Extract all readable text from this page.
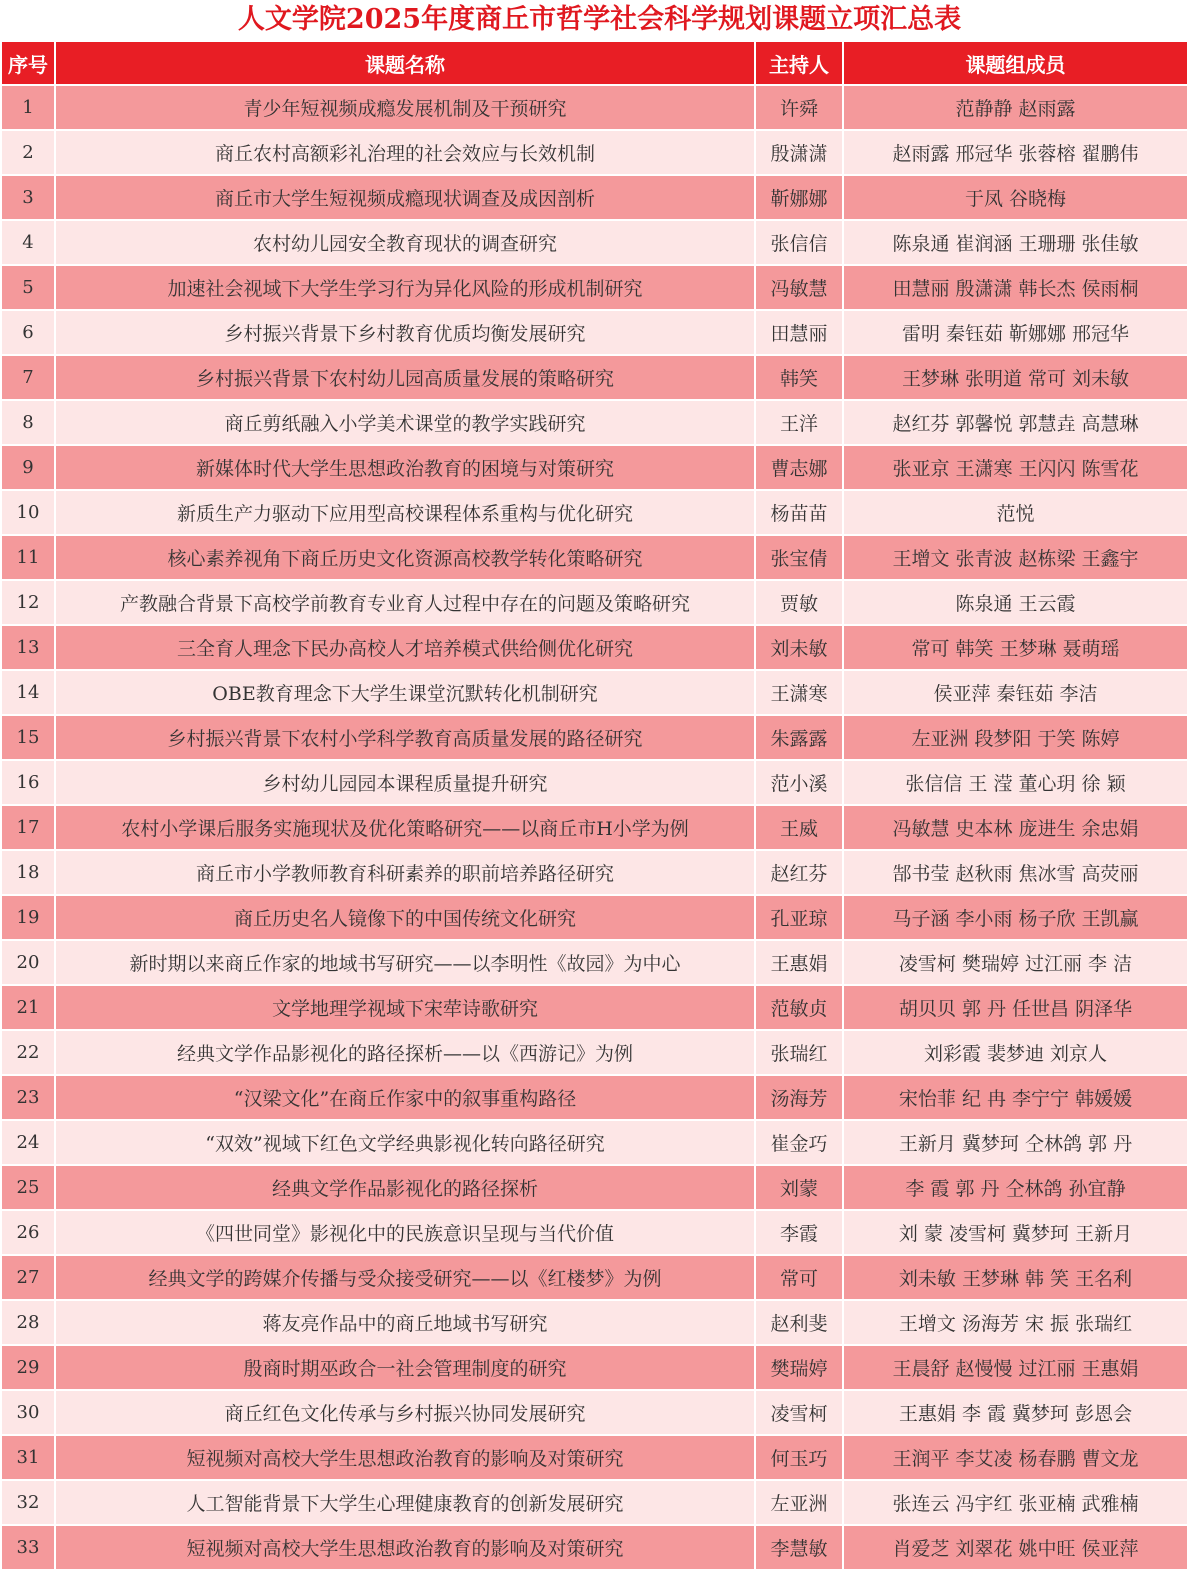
人文学院2025年度商丘市哲学社会科学规划课题立项汇总表
序号	课题名称	主持人	课题组成员
1	青少年短视频成瘾发展机制及干预研究	许舜	范静静 赵雨露
2	商丘农村高额彩礼治理的社会效应与长效机制	殷潇潇	赵雨露 邢冠华 张蓉榕 翟鹏伟
3	商丘市大学生短视频成瘾现状调查及成因剖析	靳娜娜	于凤 谷晓梅
4	农村幼儿园安全教育现状的调查研究	张信信	陈泉通 崔润涵 王珊珊 张佳敏
5	加速社会视域下大学生学习行为异化风险的形成机制研究	冯敏慧	田慧丽 殷潇潇 韩长杰 侯雨桐
6	乡村振兴背景下乡村教育优质均衡发展研究	田慧丽	雷明 秦钰茹 靳娜娜 邢冠华
7	乡村振兴背景下农村幼儿园高质量发展的策略研究	韩笑	王梦琳 张明道 常可 刘未敏
8	商丘剪纸融入小学美术课堂的教学实践研究	王洋	赵红芬 郭馨悦 郭慧垚 高慧琳
9	新媒体时代大学生思想政治教育的困境与对策研究	曹志娜	张亚京 王潇寒 王闪闪 陈雪花
10	新质生产力驱动下应用型高校课程体系重构与优化研究	杨苗苗	范悦
11	核心素养视角下商丘历史文化资源高校教学转化策略研究	张宝倩	王增文 张青波 赵栋梁 王鑫宇
12	产教融合背景下高校学前教育专业育人过程中存在的问题及策略研究	贾敏	陈泉通 王云霞
13	三全育人理念下民办高校人才培养模式供给侧优化研究	刘未敏	常可 韩笑 王梦琳 聂萌瑶
14	OBE教育理念下大学生课堂沉默转化机制研究	王潇寒	侯亚萍 秦钰茹 李洁
15	乡村振兴背景下农村小学科学教育高质量发展的路径研究	朱露露	左亚洲 段梦阳 于笑 陈婷
16	乡村幼儿园园本课程质量提升研究	范小溪	张信信 王 滢 董心玥 徐 颖
17	农村小学课后服务实施现状及优化策略研究——以商丘市H小学为例	王威	冯敏慧 史本林 庞进生 余忠娟
18	商丘市小学教师教育科研素养的职前培养路径研究	赵红芬	郜书莹 赵秋雨 焦冰雪 高荧丽
19	商丘历史名人镜像下的中国传统文化研究	孔亚琼	马子涵 李小雨 杨子欣 王凯赢
20	新时期以来商丘作家的地域书写研究——以李明性《故园》为中心	王惠娟	凌雪柯 樊瑞婷 过江丽 李 洁
21	文学地理学视域下宋荦诗歌研究	范敏贞	胡贝贝 郭 丹 任世昌 阴泽华
22	经典文学作品影视化的路径探析——以《西游记》为例	张瑞红	刘彩霞 裴梦迪 刘京人
23	“汉梁文化”在商丘作家中的叙事重构路径	汤海芳	宋怡菲 纪 冉 李宁宁 韩媛媛
24	“双效”视域下红色文学经典影视化转向路径研究	崔金巧	王新月 冀梦珂 仝林鸽 郭 丹
25	经典文学作品影视化的路径探析	刘蒙	李 霞 郭 丹 仝林鸽 孙宜静
26	《四世同堂》影视化中的民族意识呈现与当代价值	李霞	刘 蒙 凌雪柯 冀梦珂 王新月
27	经典文学的跨媒介传播与受众接受研究——以《红楼梦》为例	常可	刘未敏 王梦琳 韩 笑 王名利
28	蒋友亮作品中的商丘地域书写研究	赵利斐	王增文 汤海芳 宋 振 张瑞红
29	殷商时期巫政合一社会管理制度的研究	樊瑞婷	王晨舒 赵慢慢 过江丽 王惠娟
30	商丘红色文化传承与乡村振兴协同发展研究	凌雪柯	王惠娟 李 霞 冀梦珂 彭恩会
31	短视频对高校大学生思想政治教育的影响及对策研究	何玉巧	王润平 李艾凌 杨春鹏 曹文龙
32	人工智能背景下大学生心理健康教育的创新发展研究	左亚洲	张连云 冯宇红 张亚楠 武雅楠
33	短视频对高校大学生思想政治教育的影响及对策研究	李慧敏	肖爱芝 刘翠花 姚中旺 侯亚萍
